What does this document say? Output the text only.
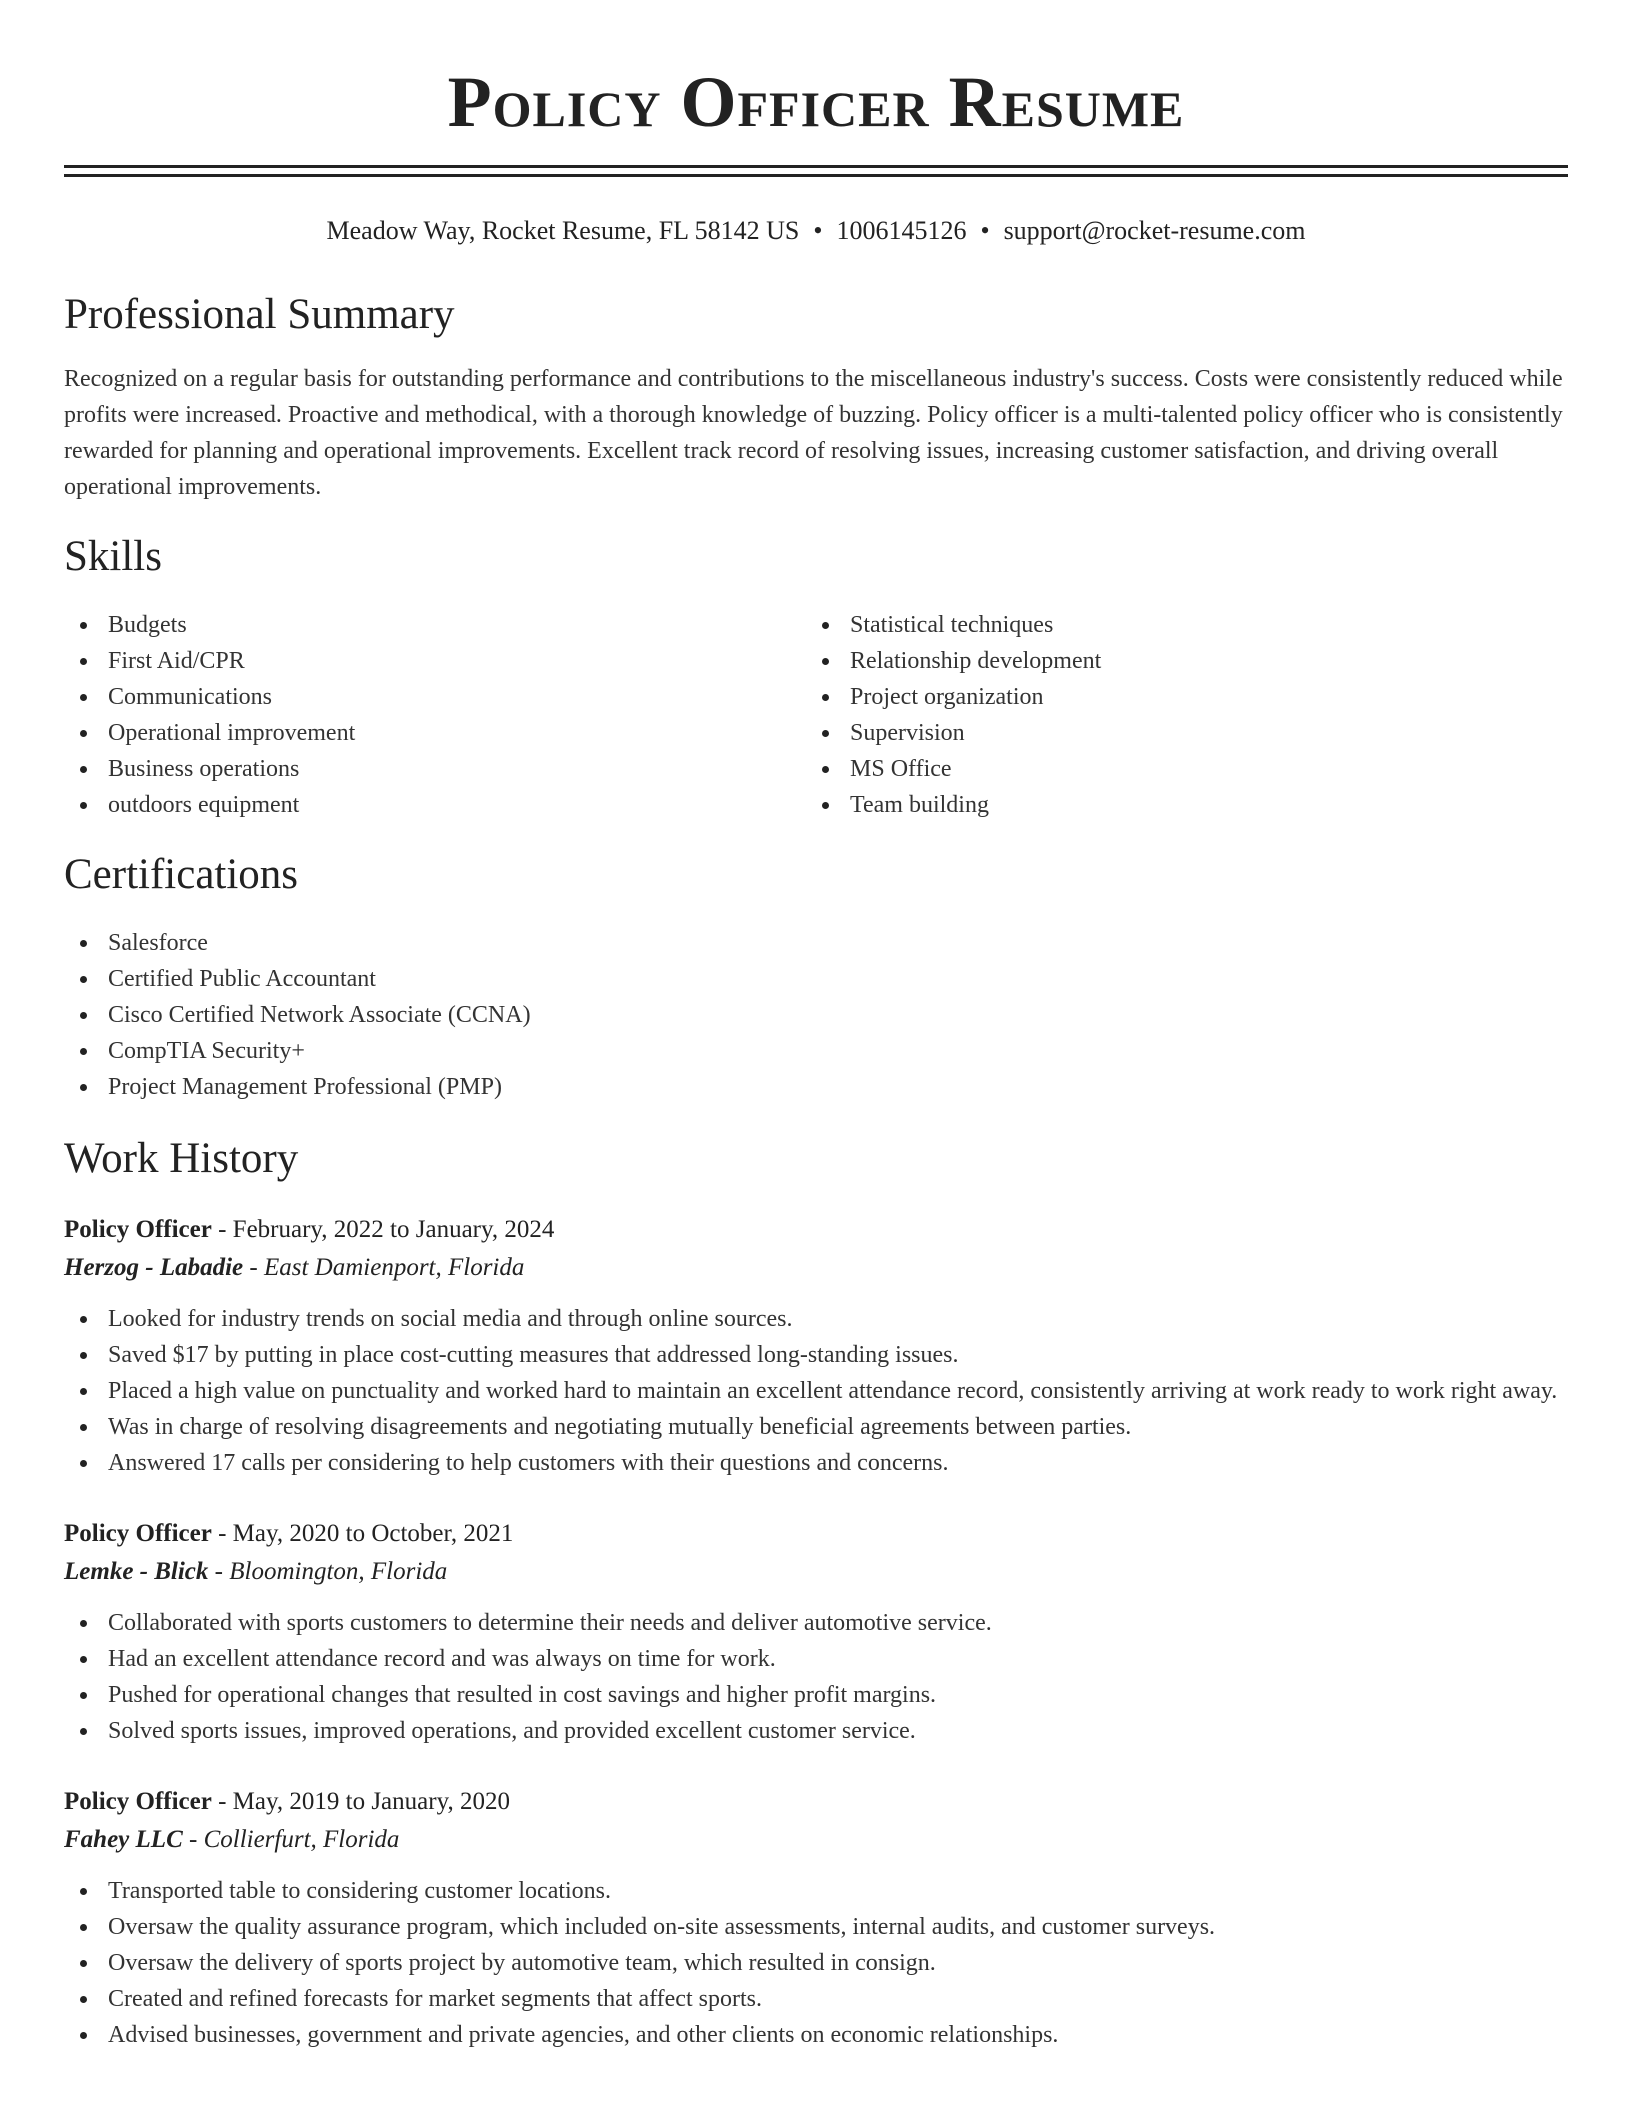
Policy Officer Resume
Meadow Way, Rocket Resume, FL 58142 US • 1006145126 • support@rocket-resume.com
Professional Summary

Recognized on a regular basis for outstanding performance and contributions to the miscellaneous industry's success. Costs were consistently reduced while profits were increased. Proactive and methodical, with a thorough knowledge of buzzing. Policy officer is a multi-talented policy officer who is consistently rewarded for planning and operational improvements. Excellent track record of resolving issues, increasing customer satisfaction, and driving overall operational improvements.

Skills
Budgets
First Aid/CPR
Communications
Operational improvement
Business operations
outdoors equipment
Statistical techniques
Relationship development
Project organization
Supervision
MS Office
Team building
Certifications
Salesforce
Certified Public Accountant
Cisco Certified Network Associate (CCNA)
CompTIA Security+
Project Management Professional (PMP)
Work History
Policy Officer - February, 2022 to January, 2024
Herzog - Labadie - East Damienport, Florida
Looked for industry trends on social media and through online sources.
Saved $17 by putting in place cost-cutting measures that addressed long-standing issues.
Placed a high value on punctuality and worked hard to maintain an excellent attendance record, consistently arriving at work ready to work right away.
Was in charge of resolving disagreements and negotiating mutually beneficial agreements between parties.
Answered 17 calls per considering to help customers with their questions and concerns.
Policy Officer - May, 2020 to October, 2021
Lemke - Blick - Bloomington, Florida
Collaborated with sports customers to determine their needs and deliver automotive service.
Had an excellent attendance record and was always on time for work.
Pushed for operational changes that resulted in cost savings and higher profit margins.
Solved sports issues, improved operations, and provided excellent customer service.
Policy Officer - May, 2019 to January, 2020
Fahey LLC - Collierfurt, Florida
Transported table to considering customer locations.
Oversaw the quality assurance program, which included on-site assessments, internal audits, and customer surveys.
Oversaw the delivery of sports project by automotive team, which resulted in consign.
Created and refined forecasts for market segments that affect sports.
Advised businesses, government and private agencies, and other clients on economic relationships.
